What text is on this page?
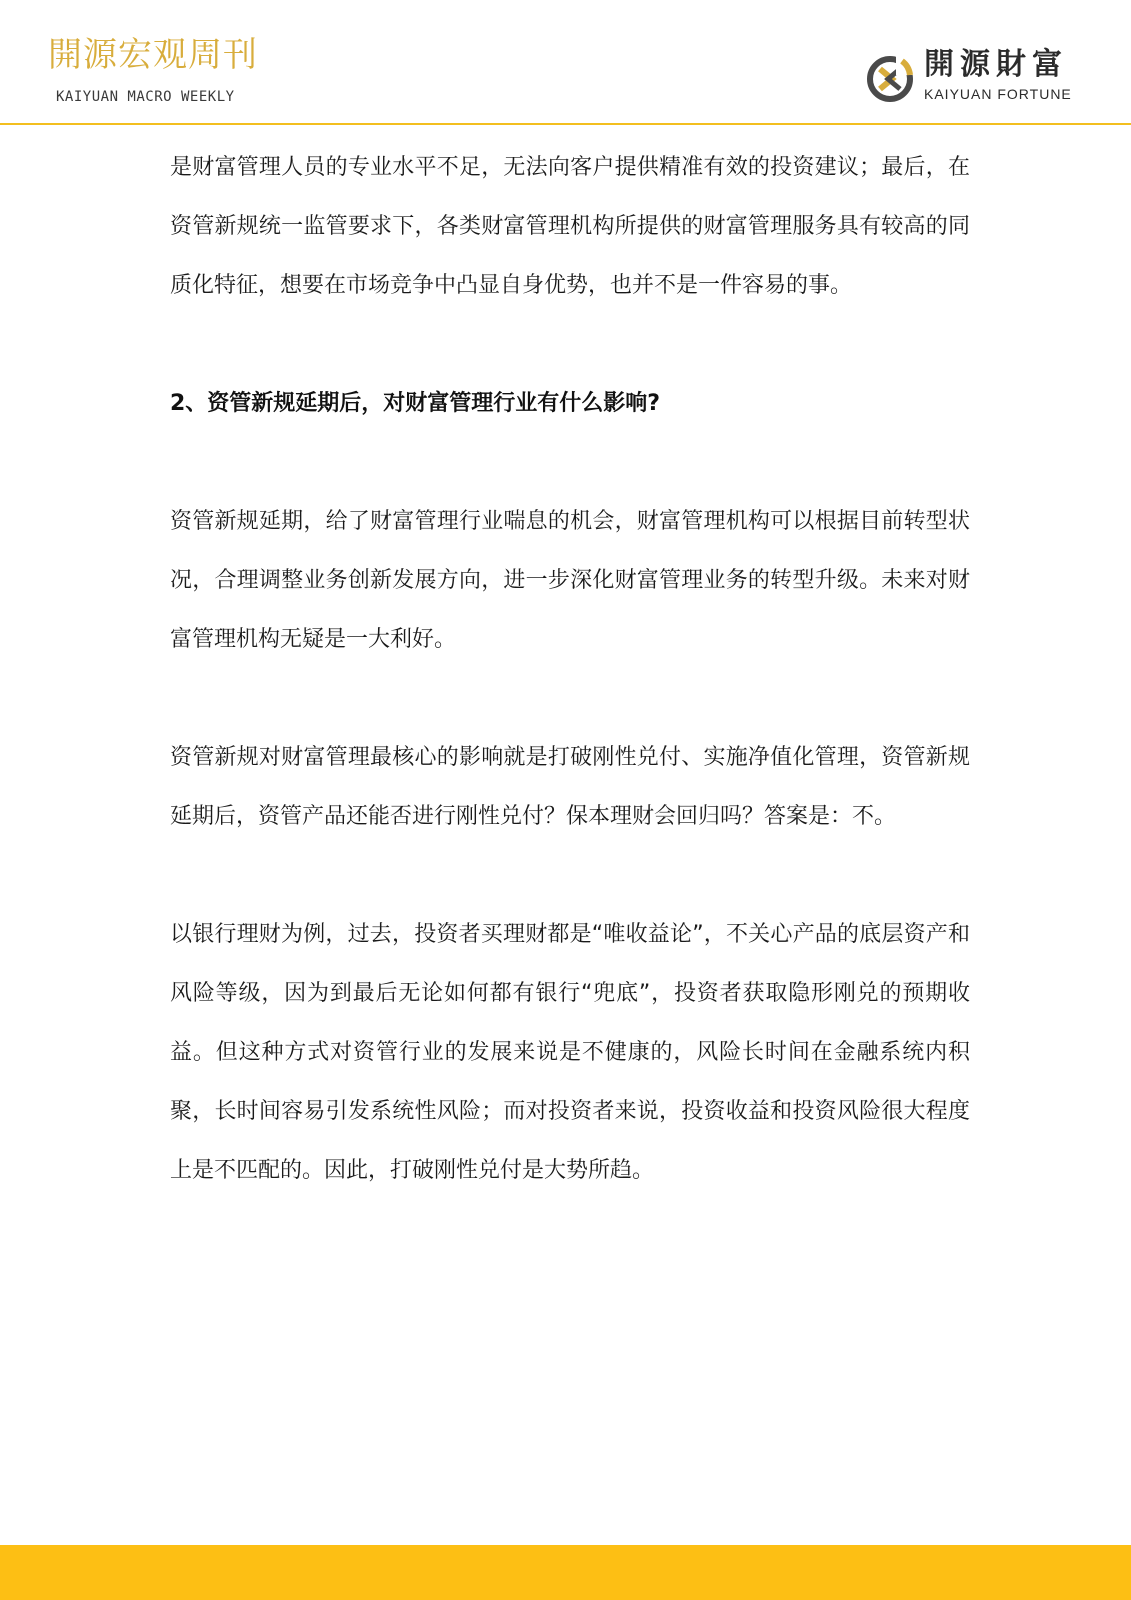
開源宏观周刊
KAIYUAN MACRO WEEKLY
開源財富
KAIYUAN FORTUNE

是财富管理人员的专业水平不足，无法向客户提供精准有效的投资建议；最后，在资管新规统一监管要求下，各类财富管理机构所提供的财富管理服务具有较高的同质化特征，想要在市场竞争中凸显自身优势，也并不是一件容易的事。

2、资管新规延期后，对财富管理行业有什么影响?

资管新规延期，给了财富管理行业喘息的机会，财富管理机构可以根据目前转型状况，合理调整业务创新发展方向，进一步深化财富管理业务的转型升级。未来对财富管理机构无疑是一大利好。

资管新规对财富管理最核心的影响就是打破刚性兑付、实施净值化管理，资管新规延期后，资管产品还能否进行刚性兑付？保本理财会回归吗？答案是：不。

以银行理财为例，过去，投资者买理财都是“唯收益论”，不关心产品的底层资产和风险等级，因为到最后无论如何都有银行“兜底”，投资者获取隐形刚兑的预期收益。但这种方式对资管行业的发展来说是不健康的，风险长时间在金融系统内积聚，长时间容易引发系统性风险；而对投资者来说，投资收益和投资风险很大程度上是不匹配的。因此，打破刚性兑付是大势所趋。
